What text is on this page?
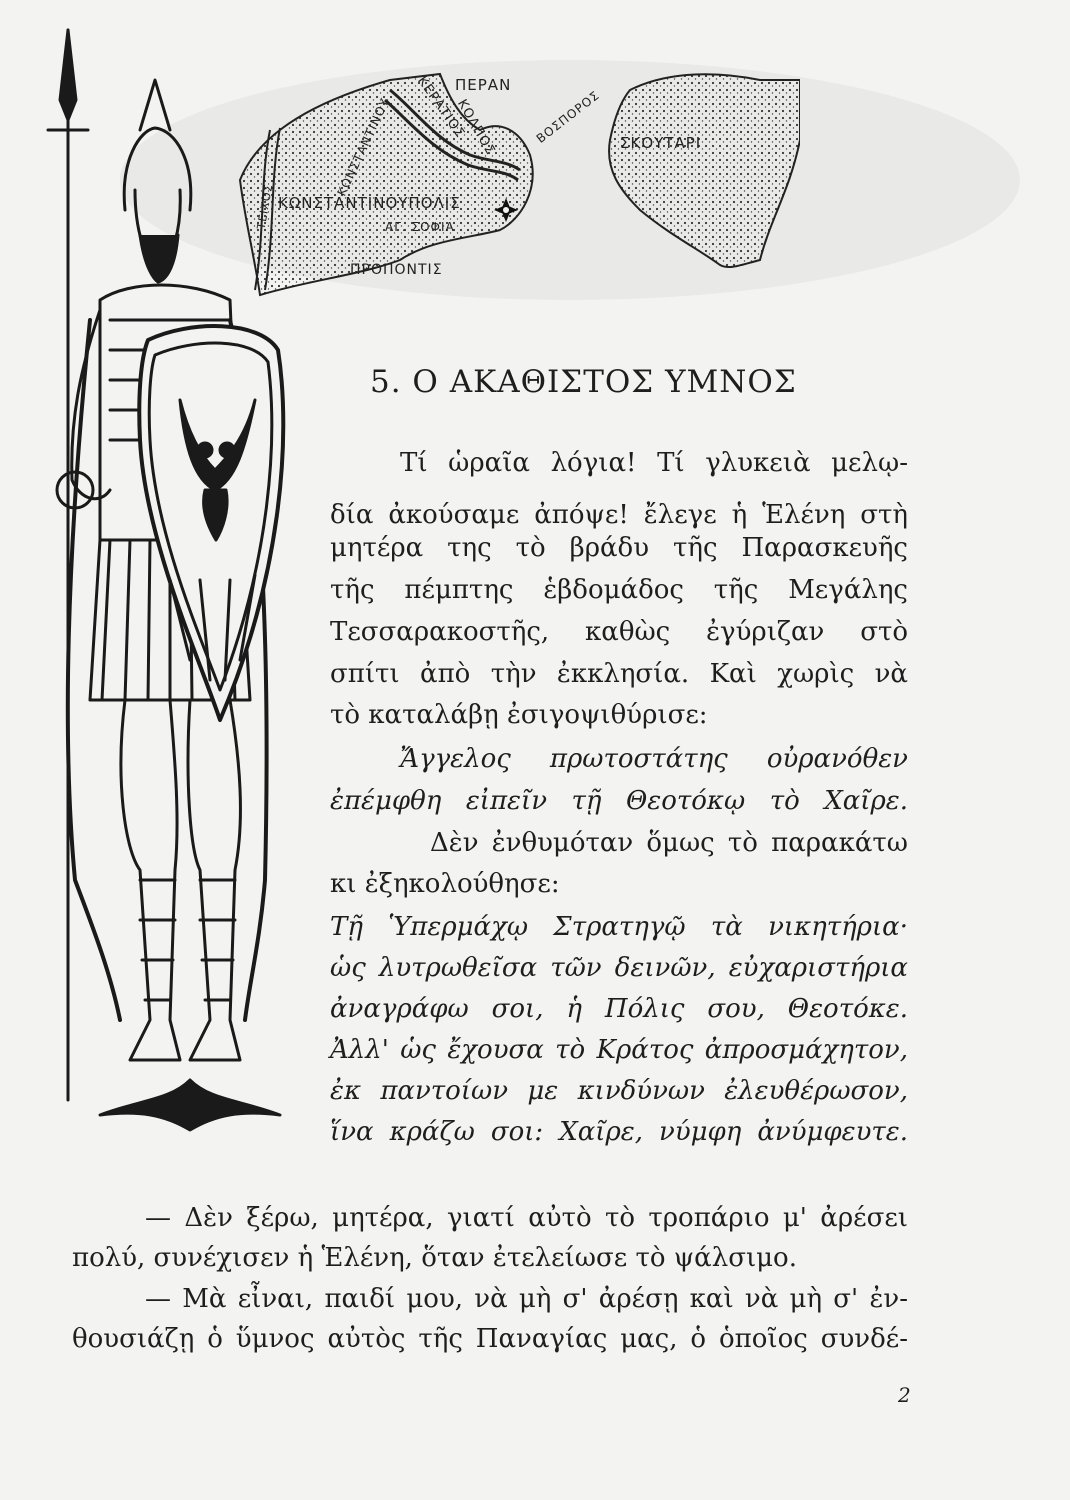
ΠΕΡΑΝ
ΚΕΡΑΤΙΟΣ
ΚΟΛΠΟΣ	ΒΟΣΠΟΡΟΣ ΣΚΟΥΤΑΡΙ
ΚΩΝΣΤΑΝΤΙΝΟΥ
ΚΩΝΣΤΑΝΤΙΝΟΥΠΟΛΙΣ
ΑΓ. ΣΟΦΙΑ
ΠΡΟΠΟΝΤΙΣ
ΤΕΙΧΟΣ
5. Ο ΑΚΑΘΙΣΤΟΣ ΥΜΝΟΣ
Τί ὡραῖα λόγια! Τί γλυκειὰ μελῳ-
δία ἀκούσαμε ἀπόψε! ἔλεγε ἡ Ἑλένη στὴ
μητέρα της τὸ βράδυ τῆς Παρασκευῆς
τῆς πέμπτης ἑβδομάδος τῆς Μεγάλης
Τεσσαρακοστῆς, καθὼς ἐγύριζαν στὸ
σπίτι ἀπὸ τὴν ἐκκλησία. Καὶ χωρὶς νὰ
τὸ καταλάβῃ ἐσιγοψιθύρισε:
Ἄγγελος πρωτοστάτης οὐρανόθεν
ἐπέμφθη εἰπεῖν τῇ Θεοτόκῳ τὸ Χαῖρε.
Δὲν ἐνθυμόταν ὅμως τὸ παρακάτω
κι ἐξηκολούθησε:
Τῇ Ὑπερμάχῳ Στρατηγῷ τὰ νικητήρια·
ὡς λυτρωθεῖσα τῶν δεινῶν, εὐχαριστήρια
ἀναγράφω σοι, ἡ Πόλις σου, Θεοτόκε.
Ἀλλ' ὡς ἔχουσα τὸ Κράτος ἀπροσμάχητον,
ἐκ παντοίων με κινδύνων ἐλευθέρωσον,
ἵνα κράζω σοι: Χαῖρε, νύμφη ἀνύμφευτε.
— Δὲν ξέρω, μητέρα, γιατί αὐτὸ τὸ τροπάριο μ' ἀρέσει
πολύ, συνέχισεν ἡ Ἑλένη, ὅταν ἐτελείωσε τὸ ψάλσιμο.
— Μὰ εἶναι, παιδί μου, νὰ μὴ σ' ἀρέσῃ καὶ νὰ μὴ σ' ἐν-
θουσιάζῃ ὁ ὕμνος αὐτὸς τῆς Παναγίας μας, ὁ ὁποῖος συνδέ-
2
